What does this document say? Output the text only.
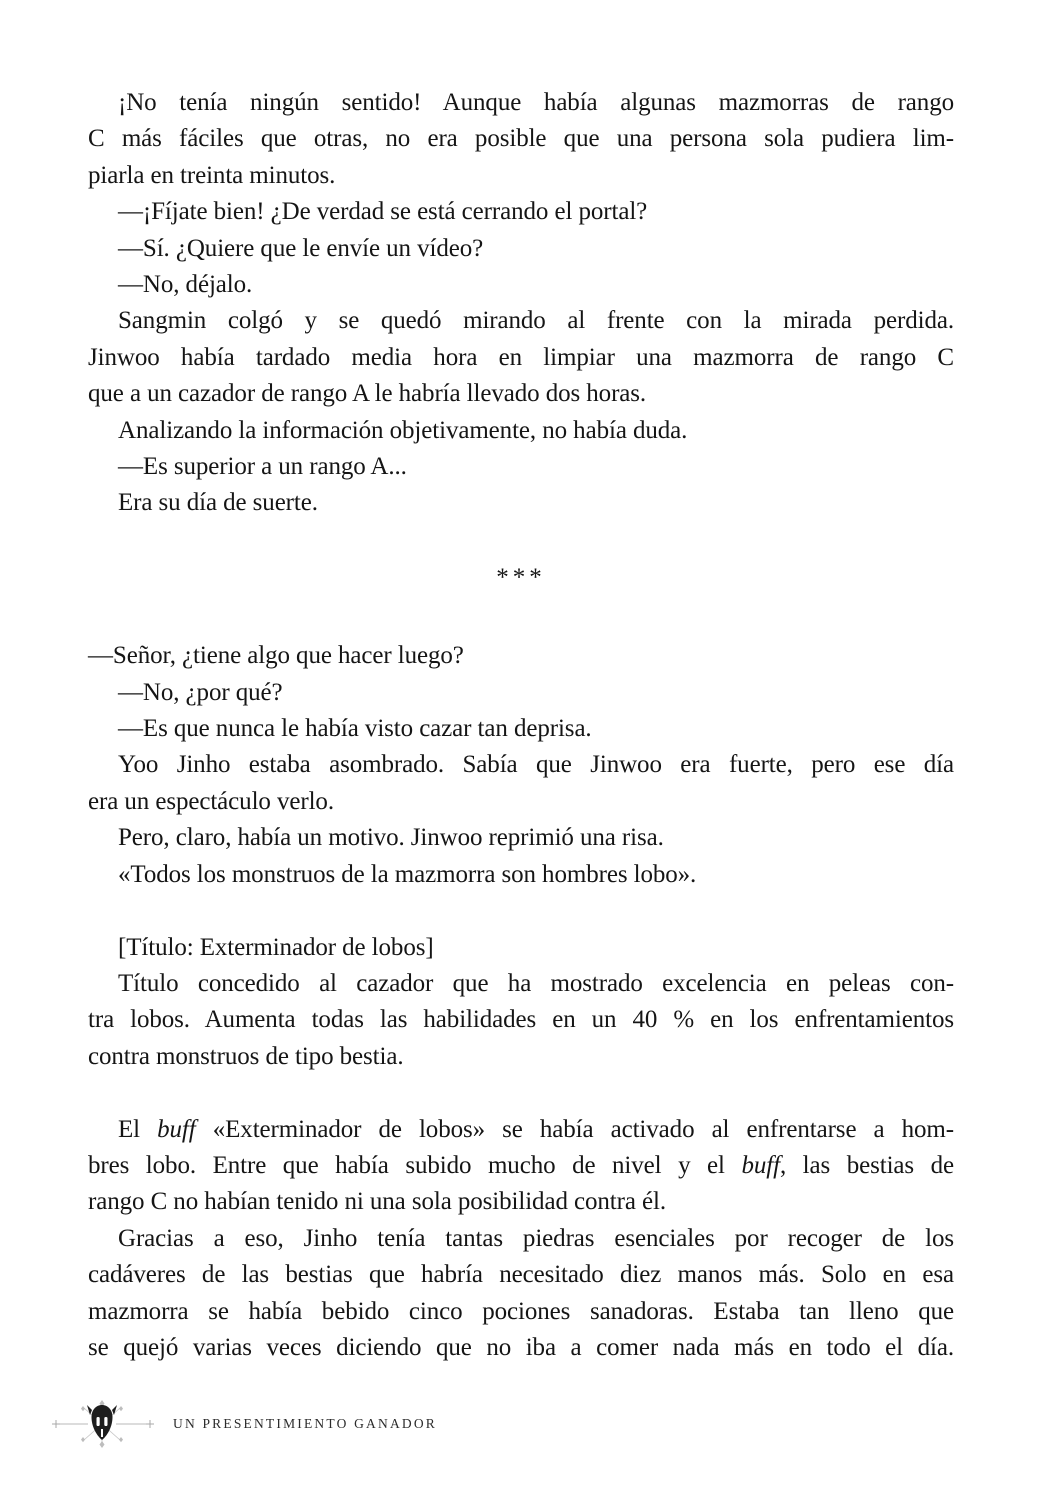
¡No tenía ningún sentido! Aunque había algunas mazmorras de rango
C más fáciles que otras, no era posible que una persona sola pudiera lim-
piarla en treinta minutos.
—¡Fíjate bien! ¿De verdad se está cerrando el portal?
—Sí. ¿Quiere que le envíe un vídeo?
—No, déjalo.
Sangmin colgó y se quedó mirando al frente con la mirada perdida.
Jinwoo había tardado media hora en limpiar una mazmorra de rango C
que a un cazador de rango A le habría llevado dos horas.
Analizando la información objetivamente, no había duda.
—Es superior a un rango A...
Era su día de suerte.
***
—Señor, ¿tiene algo que hacer luego?
—No, ¿por qué?
—Es que nunca le había visto cazar tan deprisa.
Yoo Jinho estaba asombrado. Sabía que Jinwoo era fuerte, pero ese día
era un espectáculo verlo.
Pero, claro, había un motivo. Jinwoo reprimió una risa.
«Todos los monstruos de la mazmorra son hombres lobo».
[Título: Exterminador de lobos]
Título concedido al cazador que ha mostrado excelencia en peleas con-
tra lobos. Aumenta todas las habilidades en un 40 % en los enfrentamientos
contra monstruos de tipo bestia.
El buff «Exterminador de lobos» se había activado al enfrentarse a hom-
bres lobo. Entre que había subido mucho de nivel y el buff, las bestias de
rango C no habían tenido ni una sola posibilidad contra él.
Gracias a eso, Jinho tenía tantas piedras esenciales por recoger de los
cadáveres de las bestias que habría necesitado diez manos más. Solo en esa
mazmorra se había bebido cinco pociones sanadoras. Estaba tan lleno que
se quejó varias veces diciendo que no iba a comer nada más en todo el día.
UN PRESENTIMIENTO GANADOR
